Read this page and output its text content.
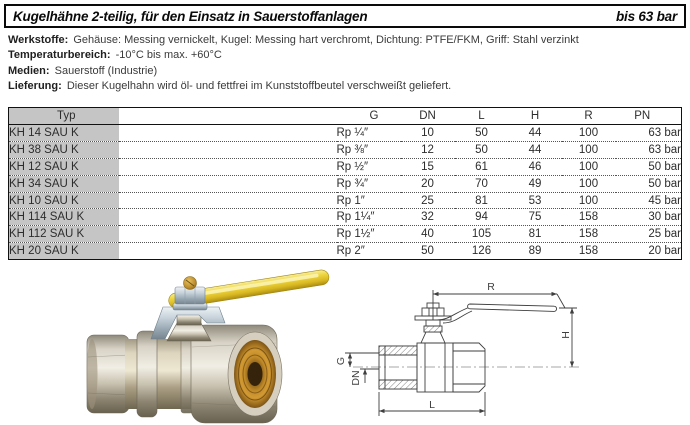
Kugelhähne 2-teilig, für den Einsatz in Sauerstoffanlagen	bis 63 bar
Werkstoffe: Gehäuse: Messing vernickelt, Kugel: Messing hart verchromt, Dichtung: PTFE/FKM, Griff: Stahl verzinkt
Temperaturbereich: -10°C bis max. +60°C
Medien: Sauerstoff (Industrie)
Lieferung: Dieser Kugelhahn wird öl- und fettfrei im Kunststoffbeutel verschweißt geliefert.
Typ		G	DN	L	H	R	PN
KH 14 SAU K		Rp ¼″	10	50	44	100	63 bar
KH 38 SAU K		Rp ⅜″	12	50	44	100	63 bar
KH 12 SAU K		Rp ½″	15	61	46	100	50 bar
KH 34 SAU K		Rp ¾″	20	70	49	100	50 bar
KH 10 SAU K		Rp 1″	25	81	53	100	45 bar
KH 114 SAU K		Rp 1¼″	32	94	75	158	30 bar
KH 112 SAU K		Rp 1½″	40	105	81	158	25 bar
KH 20 SAU K		Rp 2″	50	126	89	158	20 bar
R
H
L
G
DN
